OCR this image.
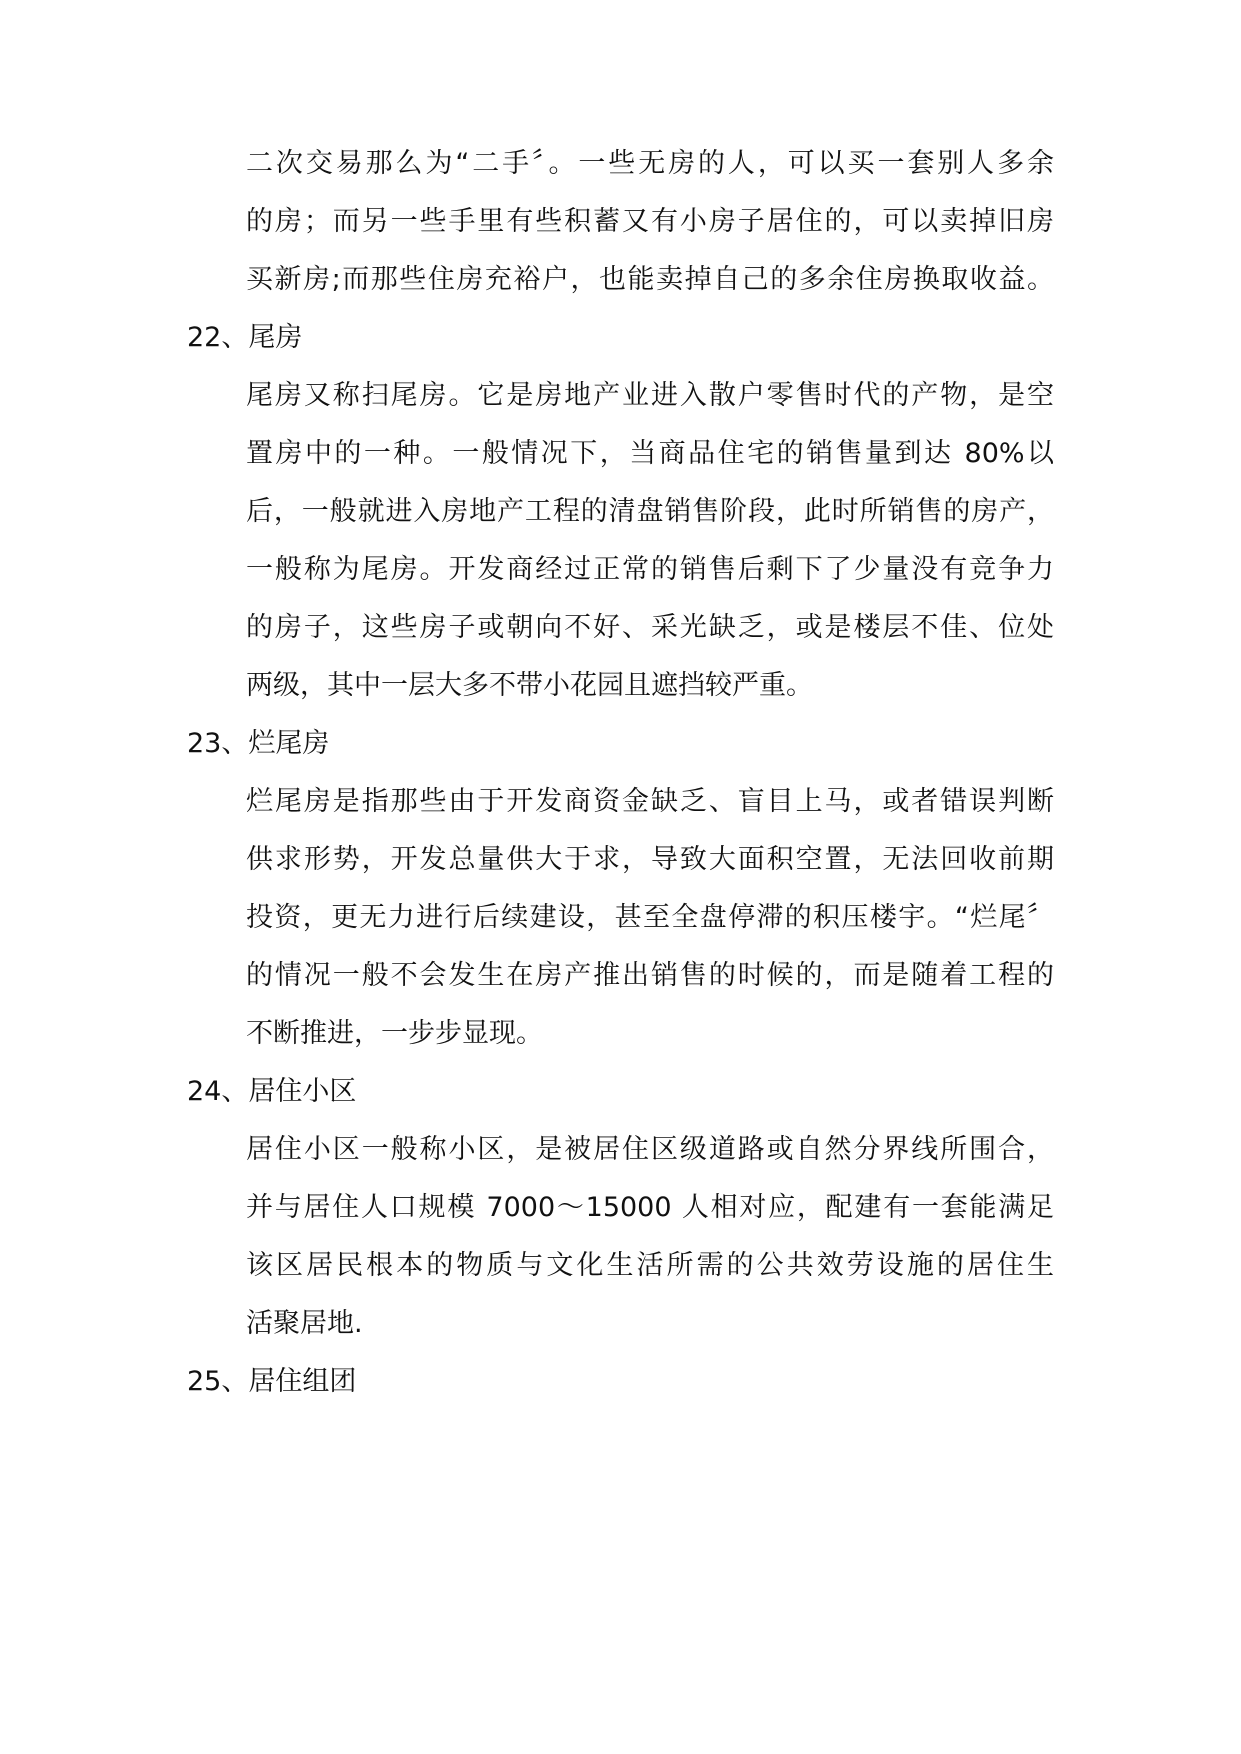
二次交易那么为“二手〞。一些无房的人，可以买一套别人多余
的房；而另一些手里有些积蓄又有小房子居住的，可以卖掉旧房
买新房;而那些住房充裕户，也能卖掉自己的多余住房换取收益。
22、尾房
尾房又称扫尾房。它是房地产业进入散户零售时代的产物，是空
置房中的一种。一般情况下，当商品住宅的销售量到达 80%以
后，一般就进入房地产工程的清盘销售阶段，此时所销售的房产，
一般称为尾房。开发商经过正常的销售后剩下了少量没有竞争力
的房子，这些房子或朝向不好、采光缺乏，或是楼层不佳、位处
两级，其中一层大多不带小花园且遮挡较严重。
23、烂尾房
烂尾房是指那些由于开发商资金缺乏、盲目上马，或者错误判断
供求形势，开发总量供大于求，导致大面积空置，无法回收前期
投资，更无力进行后续建设，甚至全盘停滞的积压楼宇。“烂尾〞
的情况一般不会发生在房产推出销售的时候的，而是随着工程的
不断推进，一步步显现。
24、居住小区
居住小区一般称小区，是被居住区级道路或自然分界线所围合，
并与居住人口规模 7000～15000 人相对应，配建有一套能满足
该区居民根本的物质与文化生活所需的公共效劳设施的居住生
活聚居地.
25、居住组团
